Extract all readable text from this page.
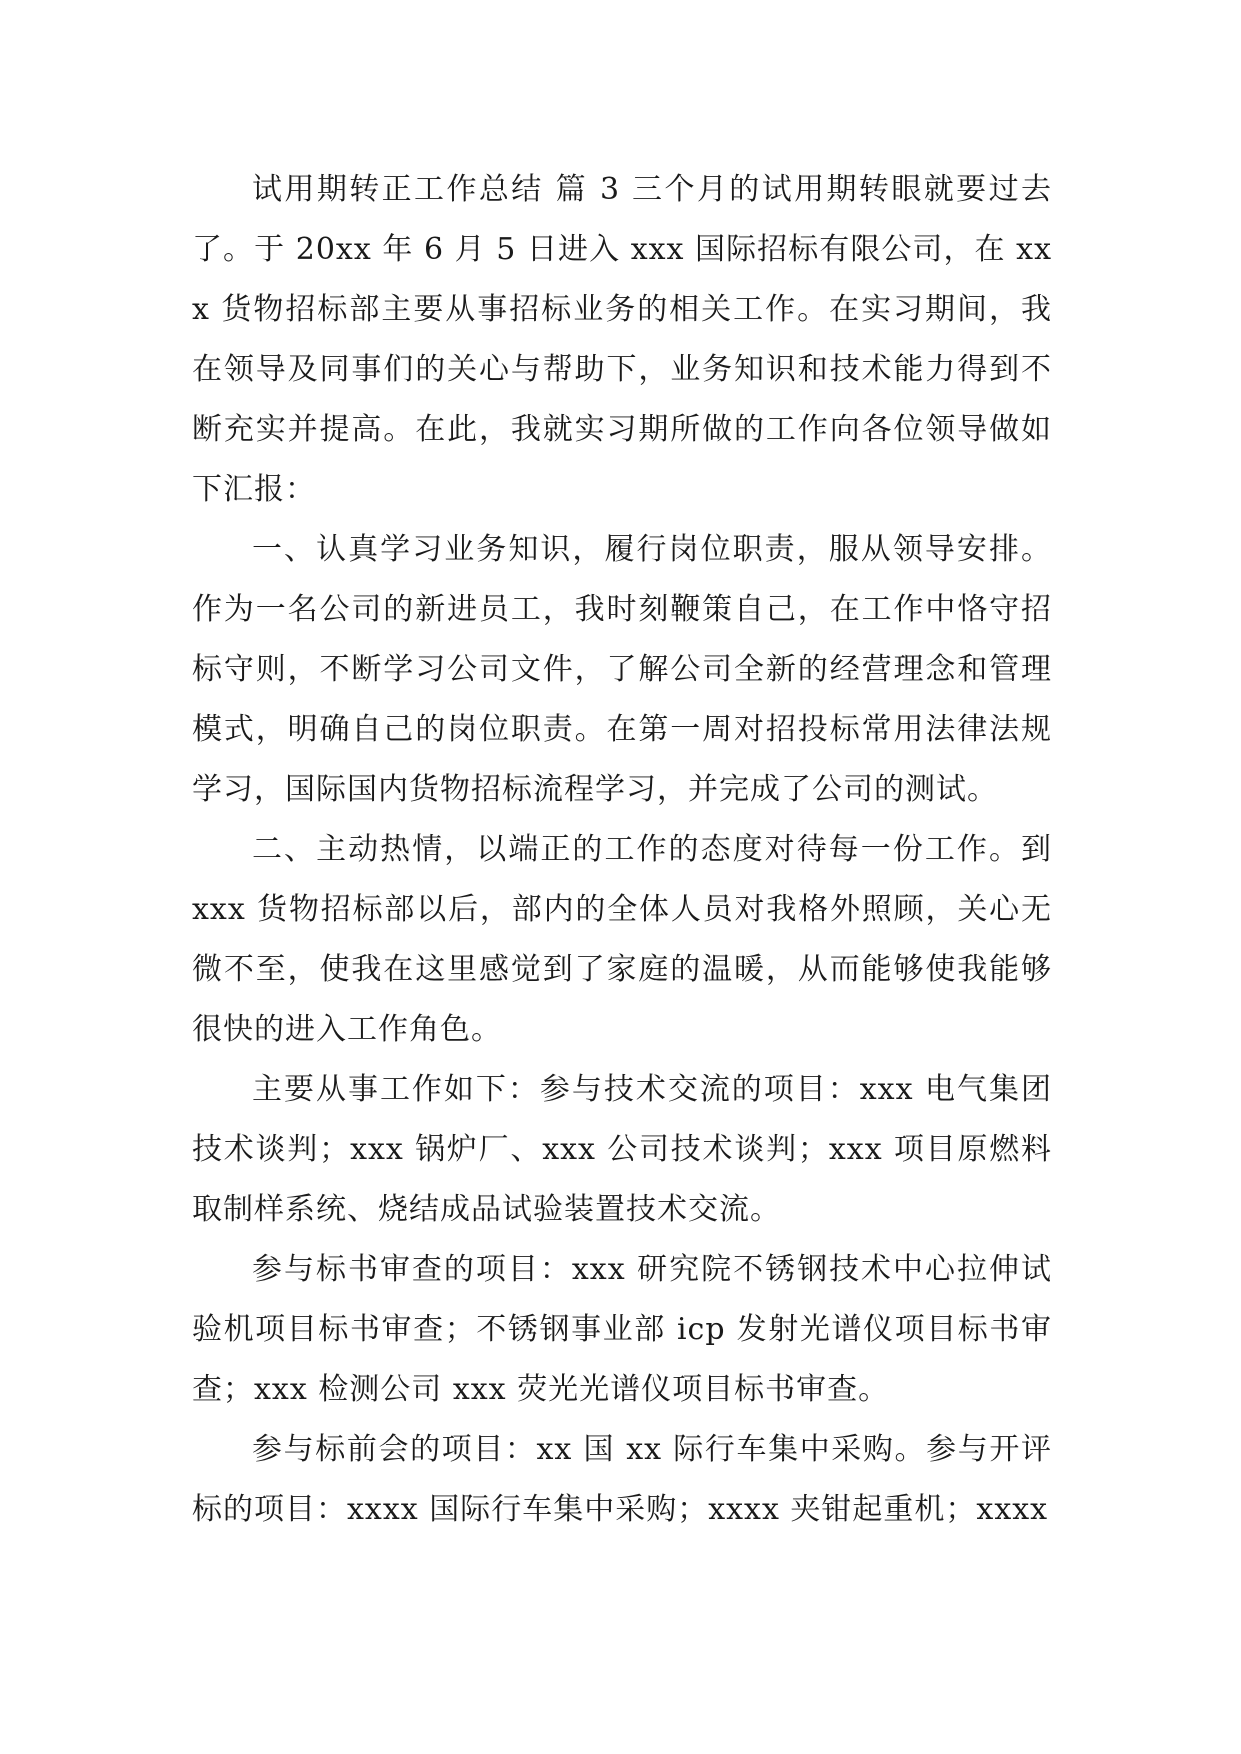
试用期转正工作总结 篇 3 三个月的试用期转眼就要过去了。于 20xx 年 6 月 5 日进入 xxx 国际招标有限公司，在 xxx 货物招标部主要从事招标业务的相关工作。在实习期间，我在领导及同事们的关心与帮助下，业务知识和技术能力得到不断充实并提高。在此，我就实习期所做的工作向各位领导做如下汇报：

一、认真学习业务知识，履行岗位职责，服从领导安排。作为一名公司的新进员工，我时刻鞭策自己，在工作中恪守招标守则，不断学习公司文件，了解公司全新的经营理念和管理模式，明确自己的岗位职责。在第一周对招投标常用法律法规学习，国际国内货物招标流程学习，并完成了公司的测试。

二、主动热情，以端正的工作的态度对待每一份工作。到 xxx 货物招标部以后，部内的全体人员对我格外照顾，关心无微不至，使我在这里感觉到了家庭的温暖，从而能够使我能够很快的进入工作角色。

主要从事工作如下：参与技术交流的项目：xxx 电气集团技术谈判；xxx 锅炉厂、xxx 公司技术谈判；xxx 项目原燃料取制样系统、烧结成品试验装置技术交流。

参与标书审查的项目：xxx 研究院不锈钢技术中心拉伸试验机项目标书审查；不锈钢事业部 icp 发射光谱仪项目标书审查；xxx 检测公司 xxx 荧光光谱仪项目标书审查。

参与标前会的项目：xx 国 xx 际行车集中采购。参与开评标的项目：xxxx 国际行车集中采购；xxxx 夹钳起重机；xxxx
